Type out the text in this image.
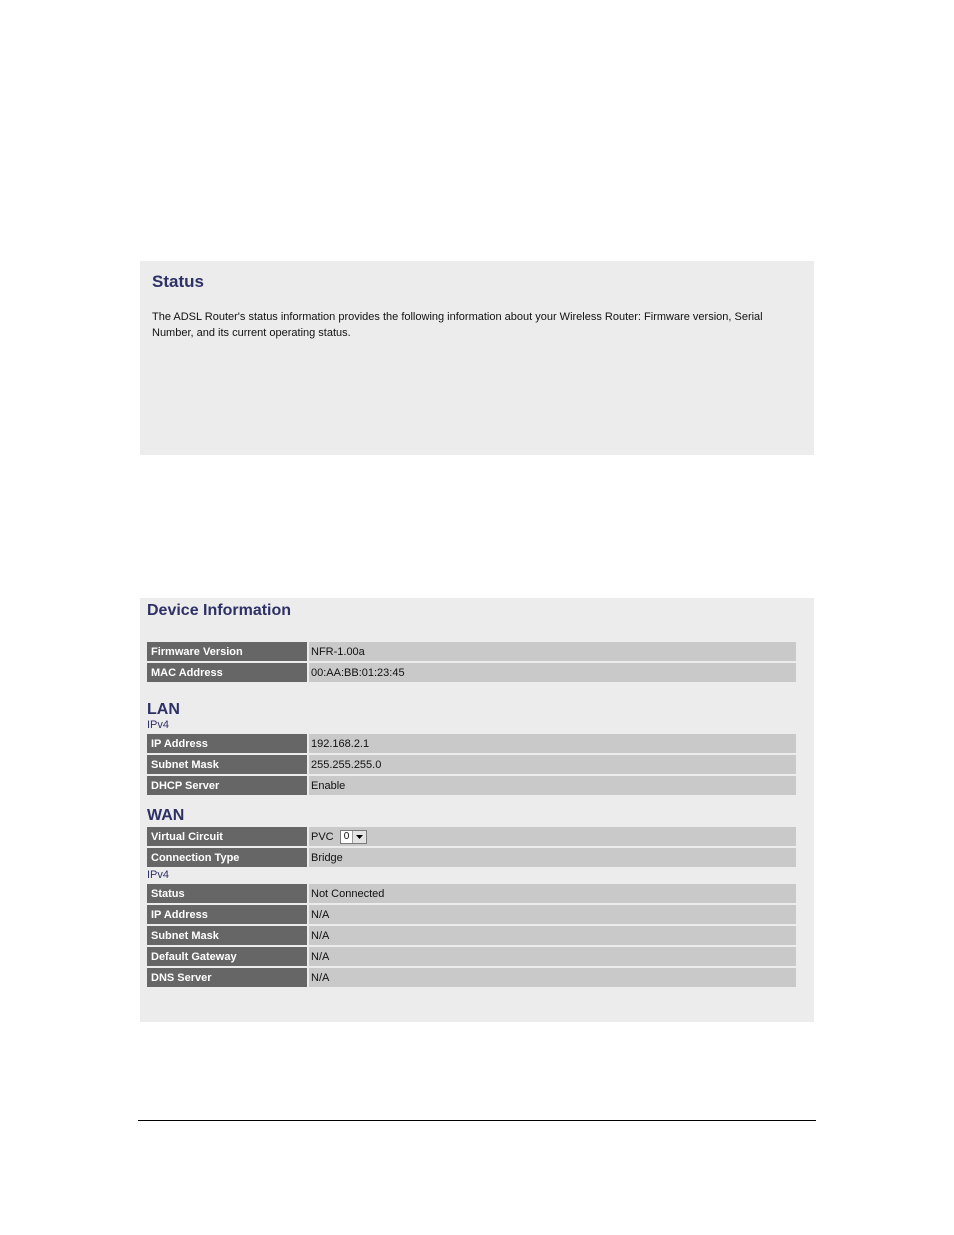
Status
The ADSL Router's status information provides the following information about your Wireless Router: Firmware version, Serial Number, and its current operating status.
Device Information
Firmware Version	NFR-1.00a
MAC Address	00:AA:BB:01:23:45
LAN
IPv4
IP Address	192.168.2.1
Subnet Mask	255.255.255.0
DHCP Server	Enable
WAN
Virtual Circuit	PVC 0

Connection Type	Bridge
IPv4
Status	Not Connected
IP Address	N/A
Subnet Mask	N/A
Default Gateway	N/A
DNS Server	N/A
